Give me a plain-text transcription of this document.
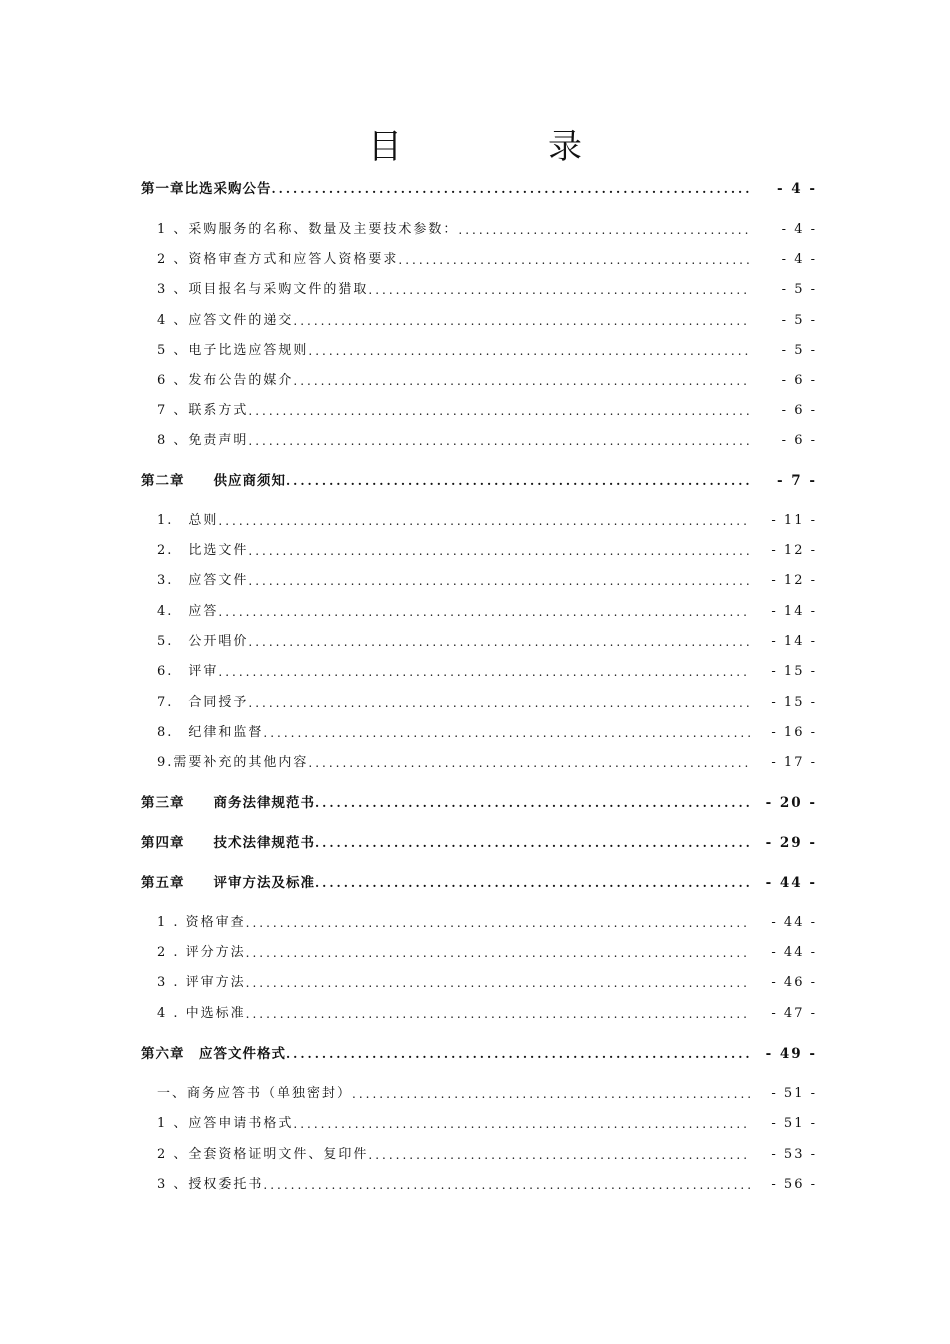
目　录
第一章比选采购公告 .....	- 4 -
1 、采购服务的名称、数量及主要技术参数： .....	- 4 -
2 、资格审查方式和应答人资格要求 .....	- 4 -
3 、项目报名与采购文件的猎取 .....	- 5 -
4 、应答文件的递交 .....	- 5 -
5 、电子比选应答规则 .....	- 5 -
6 、发布公告的媒介 .....	- 6 -
7 、联系方式 .....	- 6 -
8 、免责声明 .....	- 6 -
第二章　　供应商须知 .....	- 7 -
1.　总则 .....	- 11 -
2.　比选文件 .....	- 12 -
3.　应答文件 .....	- 12 -
4.　应答 .....	- 14 -
5.　公开唱价 .....	- 14 -
6.　评审 .....	- 15 -
7.　合同授予 .....	- 15 -
8.　纪律和监督 .....	- 16 -
9.需要补充的其他内容 .....	- 17 -
第三章　　商务法律规范书 .....	- 20 -
第四章　　技术法律规范书 .....	- 29 -
第五章　　评审方法及标准 .....	- 44 -
1 . 资格审查 .....	- 44 -
2 . 评分方法 .....	- 44 -
3 . 评审方法 .....	- 46 -
4 . 中选标准 .....	- 47 -
第六章　应答文件格式 .....	- 49 -
一、商务应答书（单独密封） .....	- 51 -
1 、应答申请书格式 .....	- 51 -
2 、全套资格证明文件、复印件 .....	- 53 -
3 、授权委托书 .....	- 56 -
